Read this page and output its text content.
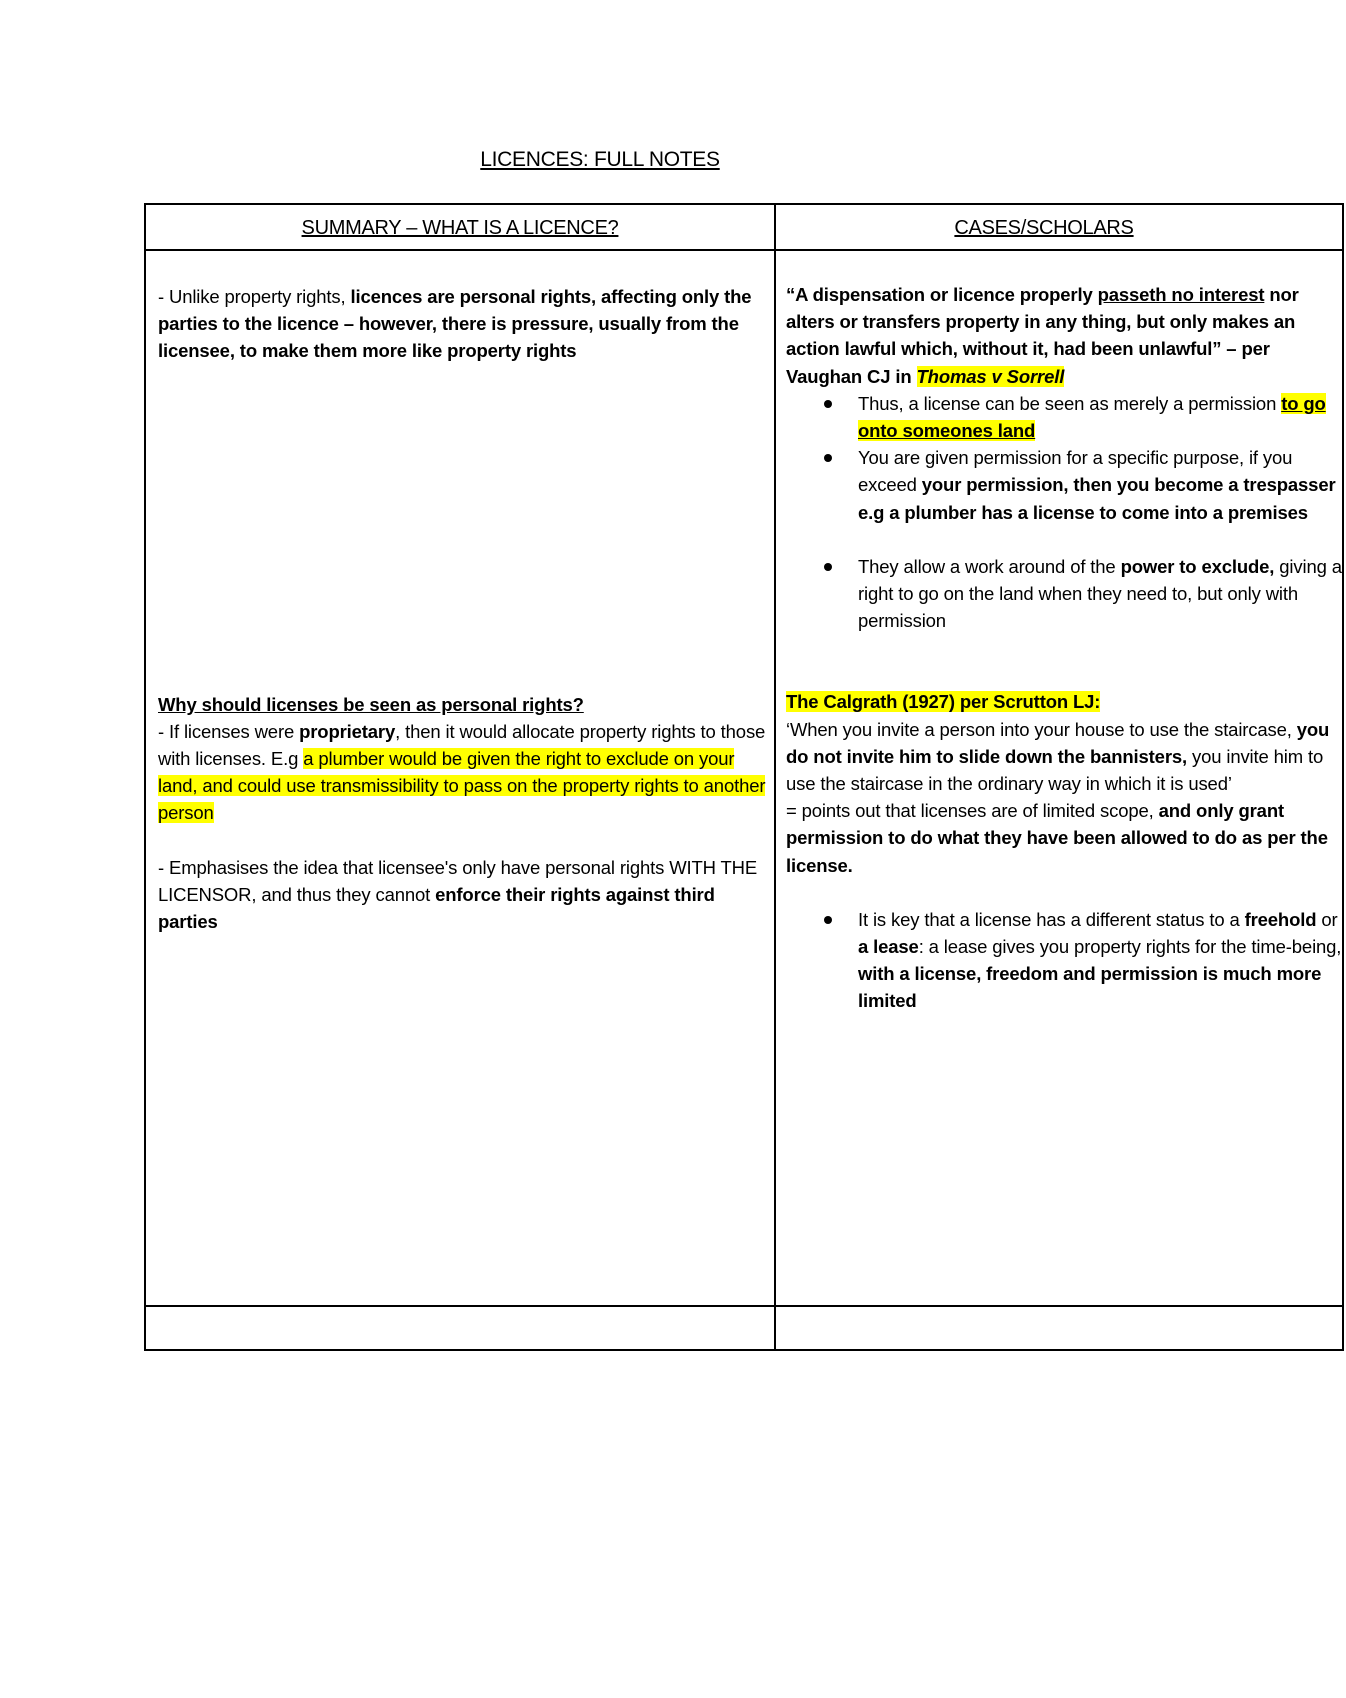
LICENCES: FULL NOTES
SUMMARY – WHAT IS A LICENCE?	CASES/SCHOLARS
- Unlike property rights, licences are personal rights, affecting only the parties to the licence – however, there is pressure, usually from the licensee, to make them more like property rights
Why should licenses be seen as personal rights?
- If licenses were proprietary, then it would allocate property rights to those with licenses. E.g a plumber would be given the right to exclude on your land, and could use transmissibility to pass on the property rights to another person
- Emphasises the idea that licensee's only have personal rights WITH THE LICENSOR, and thus they cannot enforce their rights against third parties
“A dispensation or licence properly passeth no interest nor alters or transfers property in any thing, but only makes an action lawful which, without it, had been unlawful” – per Vaughan CJ in Thomas v Sorrell
Thus, a license can be seen as merely a permission to go onto someones land
You are given permission for a specific purpose, if you exceed your permission, then you become a trespasser e.g a plumber has a license to come into a premises
They allow a work around of the power to exclude, giving a right to go on the land when they need to, but only with permission
The Calgrath (1927) per Scrutton LJ:
‘When you invite a person into your house to use the staircase, you do not invite him to slide down the bannisters, you invite him to use the staircase in the ordinary way in which it is used’
= points out that licenses are of limited scope, and only grant permission to do what they have been allowed to do as per the license.
It is key that a license has a different status to a freehold or a lease: a lease gives you property rights for the time-being, with a license, freedom and permission is much more limited
